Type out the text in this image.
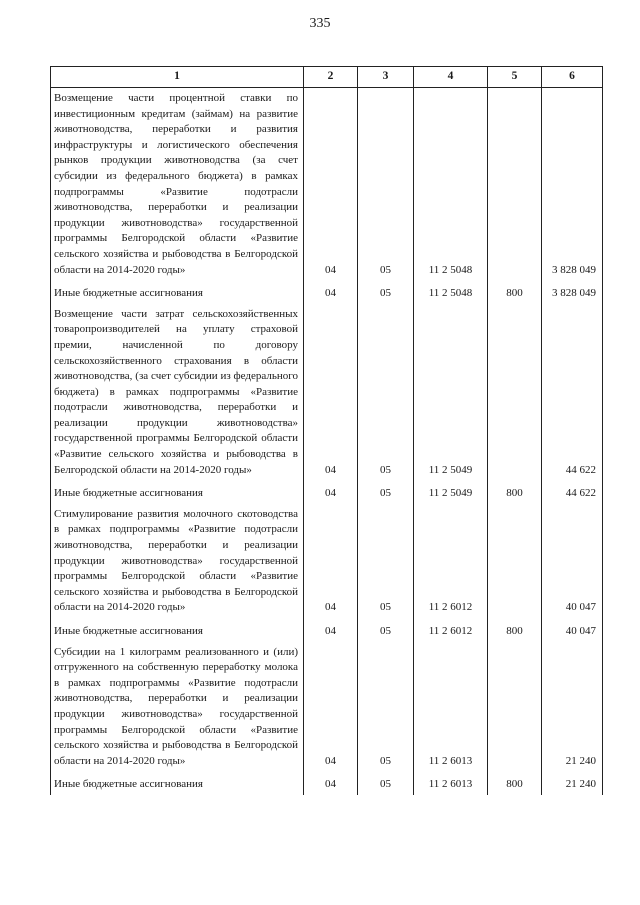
335
1	2	3	4	5	6
Возмещение части процентной ставки по инвестиционным кредитам (займам) на развитие животноводства, переработки и развития инфраструктуры и логистического обеспечения рынков продукции животноводства (за счет субсидии из федерального бюджета) в рамках подпрограммы «Развитие подотрасли животноводства, переработки и реализации продукции животноводства» государственной программы Белгородской области «Развитие сельского хозяйства и рыбоводства в Белгородской области на 2014-2020 годы»	04	05	11 2 5048		3 828 049
Иные бюджетные ассигнования	04	05	11 2 5048	800	3 828 049
Возмещение части затрат сельскохозяйственных товаропроизводителей на уплату страховой премии, начисленной по договору сельскохозяйственного страхования в области животноводства, (за счет субсидии из федерального бюджета) в рамках подпрограммы «Развитие подотрасли животноводства, переработки и реализации продукции животноводства» государственной программы Белгородской области «Развитие сельского хозяйства и рыбоводства в Белгородской области на 2014-2020 годы»	04	05	11 2 5049		44 622
Иные бюджетные ассигнования	04	05	11 2 5049	800	44 622
Стимулирование развития молочного скотоводства в рамках подпрограммы «Развитие подотрасли животноводства, переработки и реализации продукции животноводства» государственной программы Белгородской области «Развитие сельского хозяйства и рыбоводства в Белгородской области на 2014-2020 годы»	04	05	11 2 6012		40 047
Иные бюджетные ассигнования	04	05	11 2 6012	800	40 047
Субсидии на 1 килограмм реализованного и (или) отгруженного на собственную переработку молока в рамках подпрограммы «Развитие подотрасли животноводства, переработки и реализации продукции животноводства» государственной программы Белгородской области «Развитие сельского хозяйства и рыбоводства в Белгородской области на 2014-2020 годы»	04	05	11 2 6013		21 240
Иные бюджетные ассигнования	04	05	11 2 6013	800	21 240
